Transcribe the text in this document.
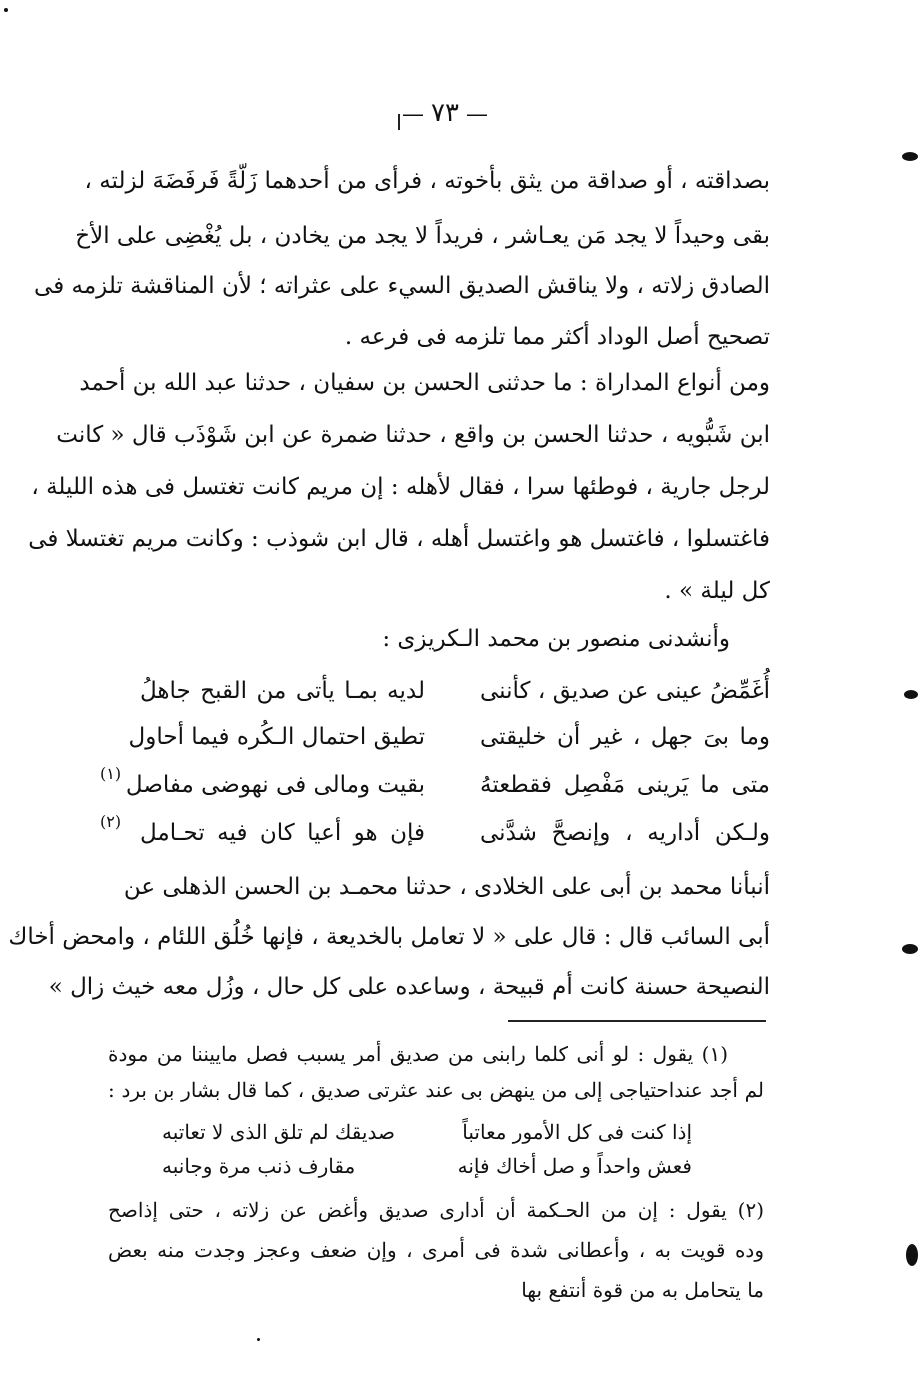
— ٧٣ —
بصداقته ، أو صداقة من يثق بأخوته ، فرأى من أحدهما زَلّةً فَرفَضَهَ لزلته ،
بقى وحيداً لا يجد مَن يعـاشر ، فريداً لا يجد من يخادن ، بل يُغْضِى على الأخ
الصادق زلاته ، ولا يناقش الصديق السيء على عثراته ؛ لأن المناقشة تلزمه فى
تصحيح أصل الوداد أكثر مما تلزمه فى فرعه .
ومن أنواع المداراة : ما حدثنى الحسن بن سفيان ، حدثنا عبد الله بن أحمد
ابن شَبُّويه ، حدثنا الحسن بن واقع ، حدثنا ضمرة عن ابن شَوْذَب قال « كانت
لرجل جارية ، فوطئها سرا ، فقال لأهله : إن مريم كانت تغتسل فى هذه الليلة ،
فاغتسلوا ، فاغتسل هو واغتسل أهله ، قال ابن شوذب : وكانت مريم تغتسلا فى
كل ليلة » .
وأنشدنى منصور بن محمد الـكريزى :
أُغَمِّضُ عينى عن صديق ، كأننى
لديه بمـا يأتى من القبح جاهلُ
وما بىَ جهل ، غير أن خليقتى
تطيق احتمال الـكُره فيما أحاول
متى ما يَرينى مَفْصِل فقطعتهُ
بقيت ومالى فى نهوضى مفاصل
(١)
ولـكن أداريه ، وإنصحَّ شدَّنى
فإن هو أعيا كان فيه تحـامل
(٢)
أنبأنا محمد بن أبى على الخلادى ، حدثنا محمـد بن الحسن الذهلى عن
أبى السائب قال : قال على « لا تعامل بالخديعة ، فإنها خُلُق اللئام ، وامحض أخاك
النصيحة حسنة كانت أم قبيحة ، وساعده على كل حال ، وزُل معه خيث زال »
(١) يقول : لو أنى كلما رابنى من صديق أمر يسبب فصل ماييننا من مودة
لم أجد عنداحتياجى إلى من ينهض بى عند عثرتى صديق ، كما قال بشار بن برد :
إذا كنت فى كل الأمور معاتباً
صديقك لم تلق الذى لا تعاتبه
فعش واحداً و صل أخاك فإنه
مقارف ذنب مرة وجانبه
(٢) يقول : إن من الحـكمة أن أدارى صديق وأغض عن زلاته ، حتى إذاصح
وده قويت به ، وأعطانى شدة فى أمرى ، وإن ضعف وعجز وجدت منه بعض
ما يتحامل به من قوة أنتفع بها
